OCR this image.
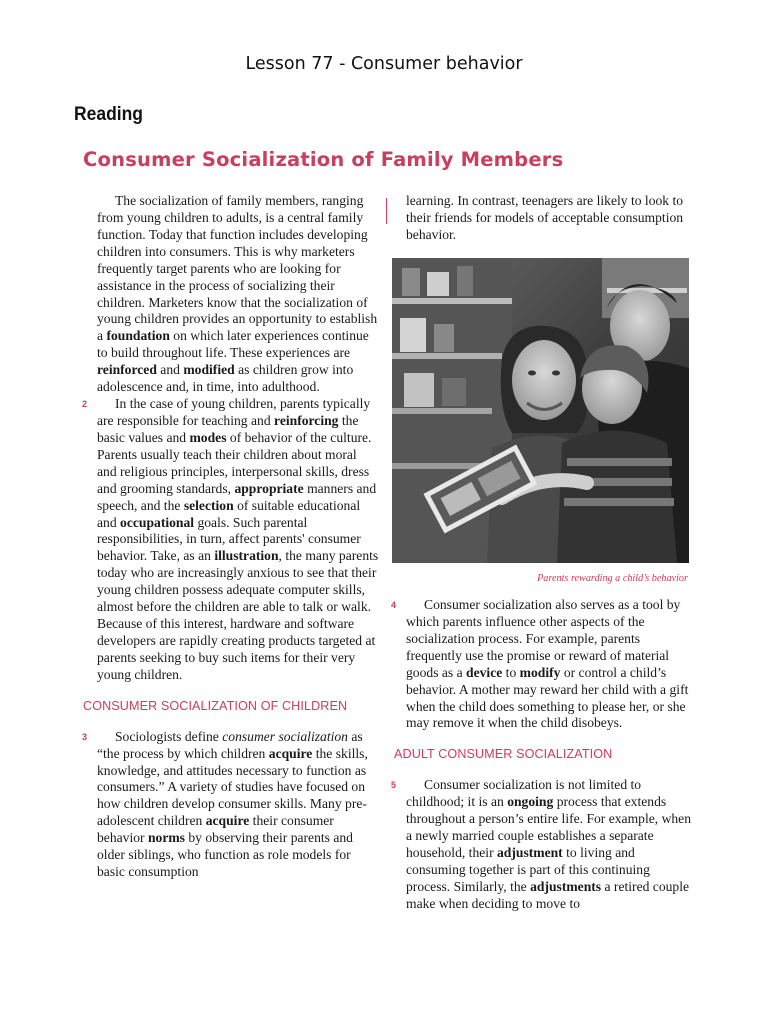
Lesson 77 - Consumer behavior
Reading
Consumer Socialization of Family Members

The socialization of family members, ranging from young children to adults, is a central family function. Today that function includes developing children into consumers. This is why marketers frequently target parents who are looking for assistance in the process of socializing their children. Marketers know that the socialization of young children provides an opportunity to establish a foundation on which later experiences continue to build throughout life. These experiences are reinforced and modified as children grow into adolescence and, in time, into adulthood.

2 In the case of young children, parents typically are responsible for teaching and reinforcing the basic values and modes of behavior of the culture. Parents usually teach their children about moral and religious principles, interpersonal skills, dress and grooming standards, appropriate manners and speech, and the selection of suitable educational and occupational goals. Such parental responsibilities, in turn, affect parents' consumer behavior. Take, as an illustration, the many parents today who are increasingly anxious to see that their young children possess adequate computer skills, almost before the children are able to talk or walk. Because of this interest, hardware and software developers are rapidly creating products targeted at parents seeking to buy such items for their very young children.

CONSUMER SOCIALIZATION OF CHILDREN

3 Sociologists define consumer socialization as “the process by which children acquire the skills, knowledge, and attitudes necessary to function as consumers.” A variety of studies have focused on how children develop consumer skills. Many pre-adolescent children acquire their consumer behavior norms by observing their parents and older siblings, who function as role models for basic consumption

learning. In contrast, teenagers are likely to look to their friends for models of acceptable consumption behavior.

Parents rewarding a child’s behavior

4 Consumer socialization also serves as a tool by which parents influence other aspects of the socialization process. For example, parents frequently use the promise or reward of material goods as a device to modify or control a child’s behavior. A mother may reward her child with a gift when the child does something to please her, or she may remove it when the child disobeys.

ADULT CONSUMER SOCIALIZATION

5 Consumer socialization is not limited to childhood; it is an ongoing process that extends throughout a person’s entire life. For example, when a newly married couple establishes a separate household, their adjustment to living and consuming together is part of this continuing process. Similarly, the adjustments a retired couple make when deciding to move to
